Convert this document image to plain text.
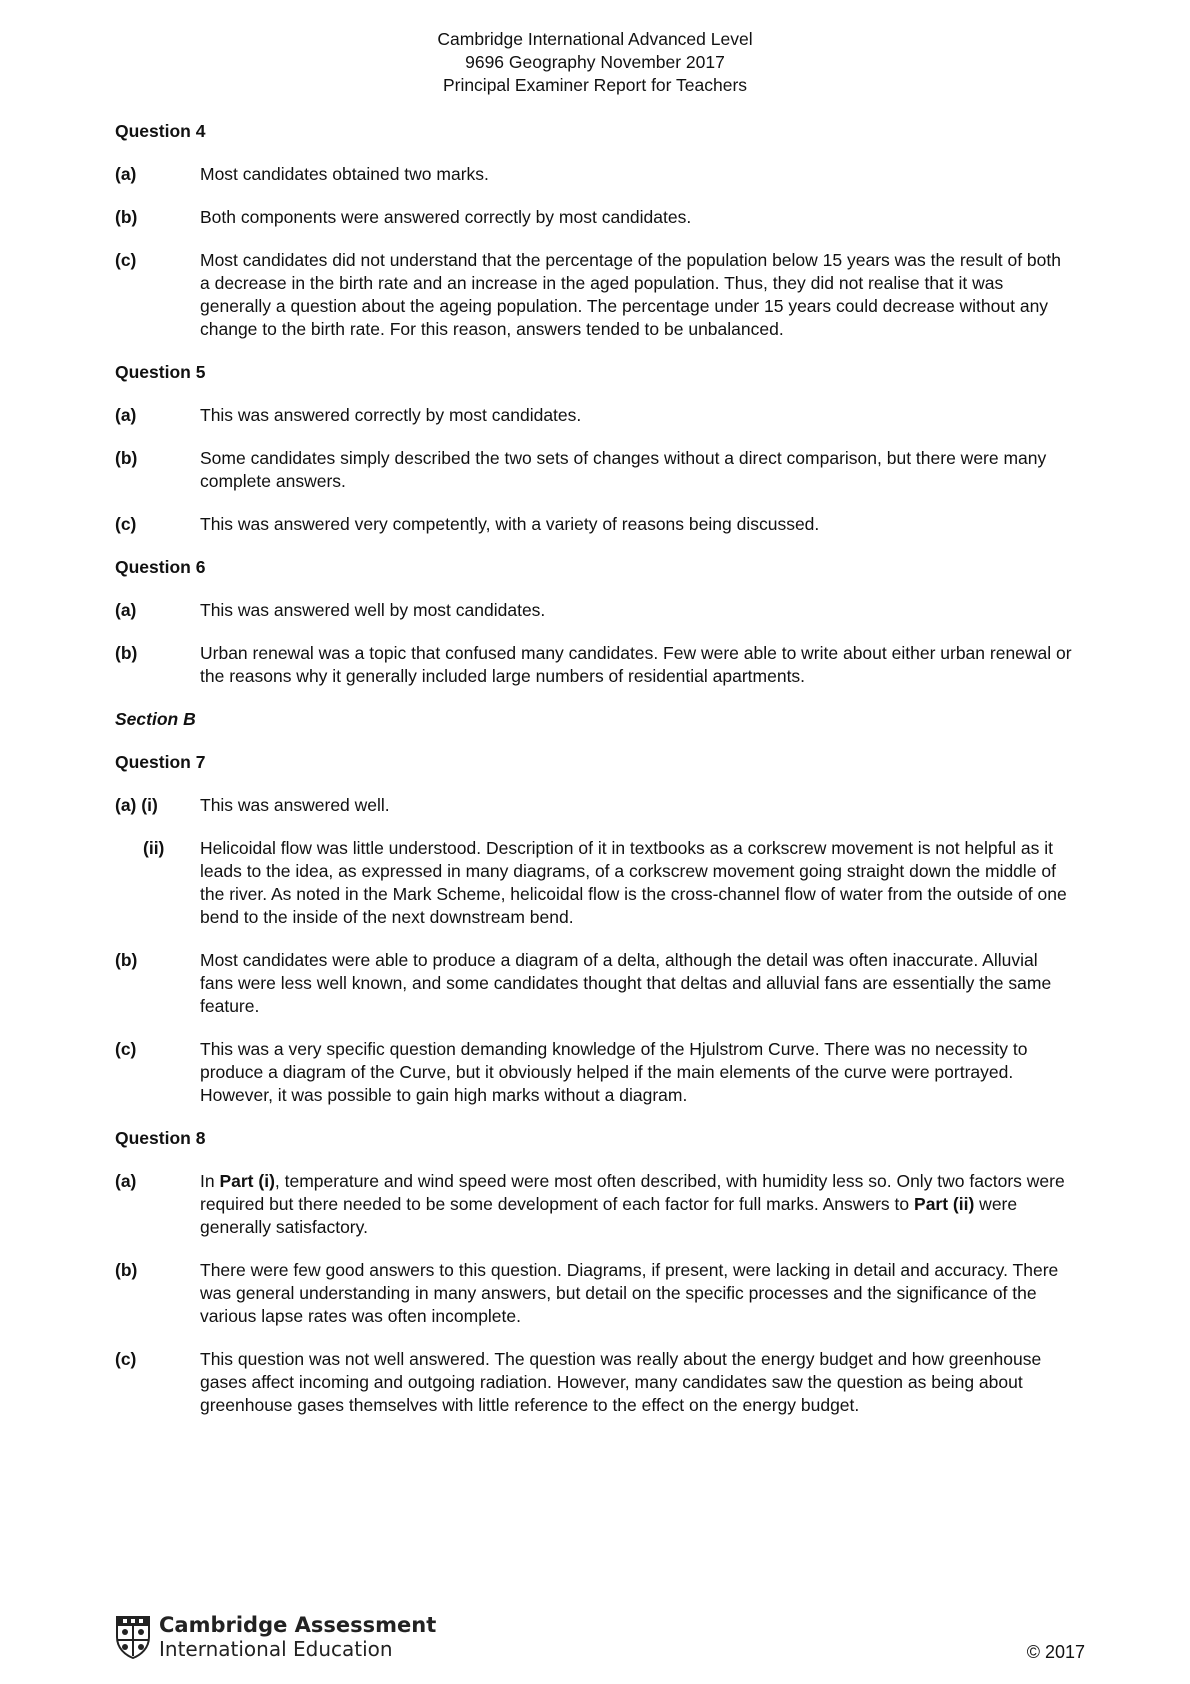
Cambridge International Advanced Level
9696 Geography November 2017
Principal Examiner Report for Teachers
Question 4
(a)	Most candidates obtained two marks.
(b)	Both components were answered correctly by most candidates.
(c)	Most candidates did not understand that the percentage of the population below 15 years was the result of both a decrease in the birth rate and an increase in the aged population. Thus, they did not realise that it was generally a question about the ageing population. The percentage under 15 years could decrease without any change to the birth rate. For this reason, answers tended to be unbalanced.
Question 5
(a)	This was answered correctly by most candidates.
(b)	Some candidates simply described the two sets of changes without a direct comparison, but there were many complete answers.
(c)	This was answered very competently, with a variety of reasons being discussed.
Question 6
(a)	This was answered well by most candidates.
(b)	Urban renewal was a topic that confused many candidates. Few were able to write about either urban renewal or the reasons why it generally included large numbers of residential apartments.
Section B
Question 7
(a) (i)	This was answered well.
(ii)	Helicoidal flow was little understood. Description of it in textbooks as a corkscrew movement is not helpful as it leads to the idea, as expressed in many diagrams, of a corkscrew movement going straight down the middle of the river. As noted in the Mark Scheme, helicoidal flow is the cross-channel flow of water from the outside of one bend to the inside of the next downstream bend.
(b)	Most candidates were able to produce a diagram of a delta, although the detail was often inaccurate. Alluvial fans were less well known, and some candidates thought that deltas and alluvial fans are essentially the same feature.
(c)	This was a very specific question demanding knowledge of the Hjulstrom Curve. There was no necessity to produce a diagram of the Curve, but it obviously helped if the main elements of the curve were portrayed. However, it was possible to gain high marks without a diagram.
Question 8
(a)	In Part (i), temperature and wind speed were most often described, with humidity less so. Only two factors were required but there needed to be some development of each factor for full marks. Answers to Part (ii) were generally satisfactory.
(b)	There were few good answers to this question. Diagrams, if present, were lacking in detail and accuracy. There was general understanding in many answers, but detail on the specific processes and the significance of the various lapse rates was often incomplete.
(c)	This question was not well answered. The question was really about the energy budget and how greenhouse gases affect incoming and outgoing radiation. However, many candidates saw the question as being about greenhouse gases themselves with little reference to the effect on the energy budget.
Cambridge Assessment
International Education	© 2017
